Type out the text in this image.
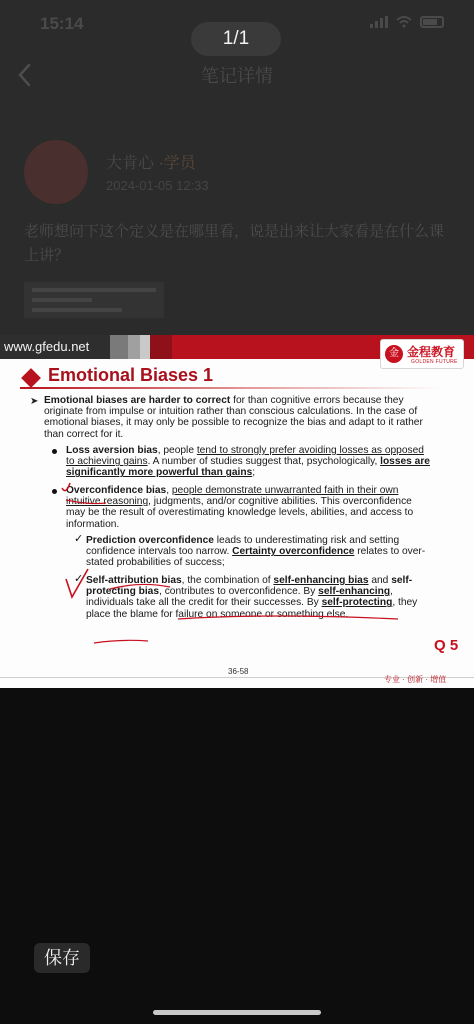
15:14
笔记详情
大肯心 ·学员
2024-01-05 12:33
老师想问下这个定义是在哪里看，说是出来让大家看是在什么课上讲？
1/1
www.gfedu.net	金 金程教育
GOLDEN FUTURE
Emotional Biases 1
➤ Emotional biases are harder to correct for than cognitive errors because they originate from impulse or intuition rather than conscious calculations. In the case of emotional biases, it may only be possible to recognize the bias and adapt to it rather than correct for it.
Loss aversion bias, people tend to strongly prefer avoiding losses as opposed to achieving gains. A number of studies suggest that, psychologically, losses are significantly more powerful than gains;
Overconfidence bias, people demonstrate unwarranted faith in their own intuitive reasoning, judgments, and/or cognitive abilities. This overconfidence may be the result of overestimating knowledge levels, abilities, and access to information.
✓ Prediction overconfidence leads to underestimating risk and setting confidence intervals too narrow. Certainty overconfidence relates to over-stated probabilities of success;
✓ Self-attribution bias, the combination of self-enhancing bias and self-protecting bias, contributes to overconfidence. By self-enhancing, individuals take all the credit for their successes. By self-protecting, they place the blame for failure on someone or something else.
Q 5
36-58
专业 · 创新 · 增值
保存
